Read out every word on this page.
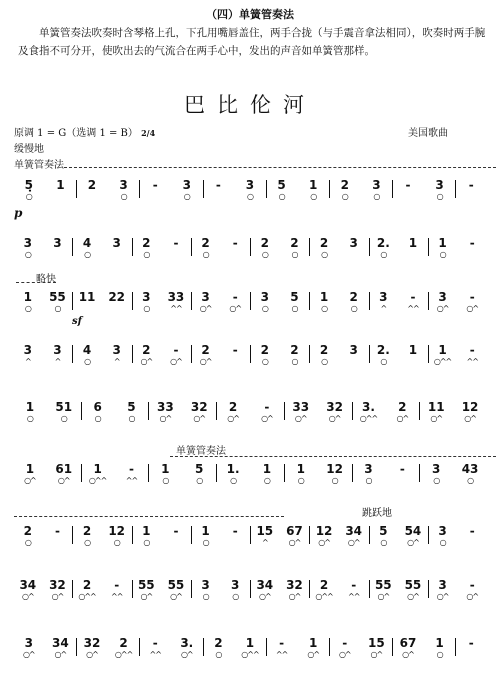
（四）单簧管奏法
单簧管奏法吹奏时含琴格上孔，下孔用嘴唇盖住，两手合拢（与手震音拿法相同），吹奏时两手腕及食指不可分开，使吹出去的气流合在两手心中，发出的声音如单簧管那样。
巴比伦河
原调 1 = G（选调 1 = B） 2/4	美国歌曲
缓慢地
单簧管奏法
p
略快
sf
单簧管奏法
跳跃地
5̣
○
1	2	3
○
-	3
○
-	3
○
5
○
1
○
2
○
3
○
-	3
○
-
3
○
3	4
○
3	2
○
-	2
○
-	2
○
2
○
2
○
3	2.
○
1	1
○
-
1
○
55
○
11	22	3
○
33
^^
3
○^
-
○^
3
○
5
○
1
○
2
○
3
^
-
^^
3
○^
-
○^
3
^
3
^
4
○
3
^
2
○^
-
○^
2
○^
-	2
○
2
○
2
○
3	2.
○
1	1
○^^
-
^^
1
○
51
○
6
○
5
○
33
○^
32
○^
2
○^
-
○^
33
○^
32
○^
3.
○^^
2
○^
11
○^
12
○^
1
○^
61
○^
1
○^^
-
^^
1
○
5
○
1.
○
1
○
1
○
12
○
3
○
-	3
○
43
○
2
○
-	2
○
12
○
1
○
-	1
○
-	15
^
67
○^
12
○^
34
○^
5
○
54
○^
3
○
-
34
○^
32
○^
2
○^^
-
^^
55
○^
55
○^
3
○
3
○
34
○^
32
○^
2
○^^
-
^^
55
○^
55
○^
3
○^
-
○^
3
○^
34
○^
32
○^
2
○^^
-
^^
3.
○^
2
○
1
○^^
-
^^
1
○^
-
○^
15
○^
67
○^
1
○
-
